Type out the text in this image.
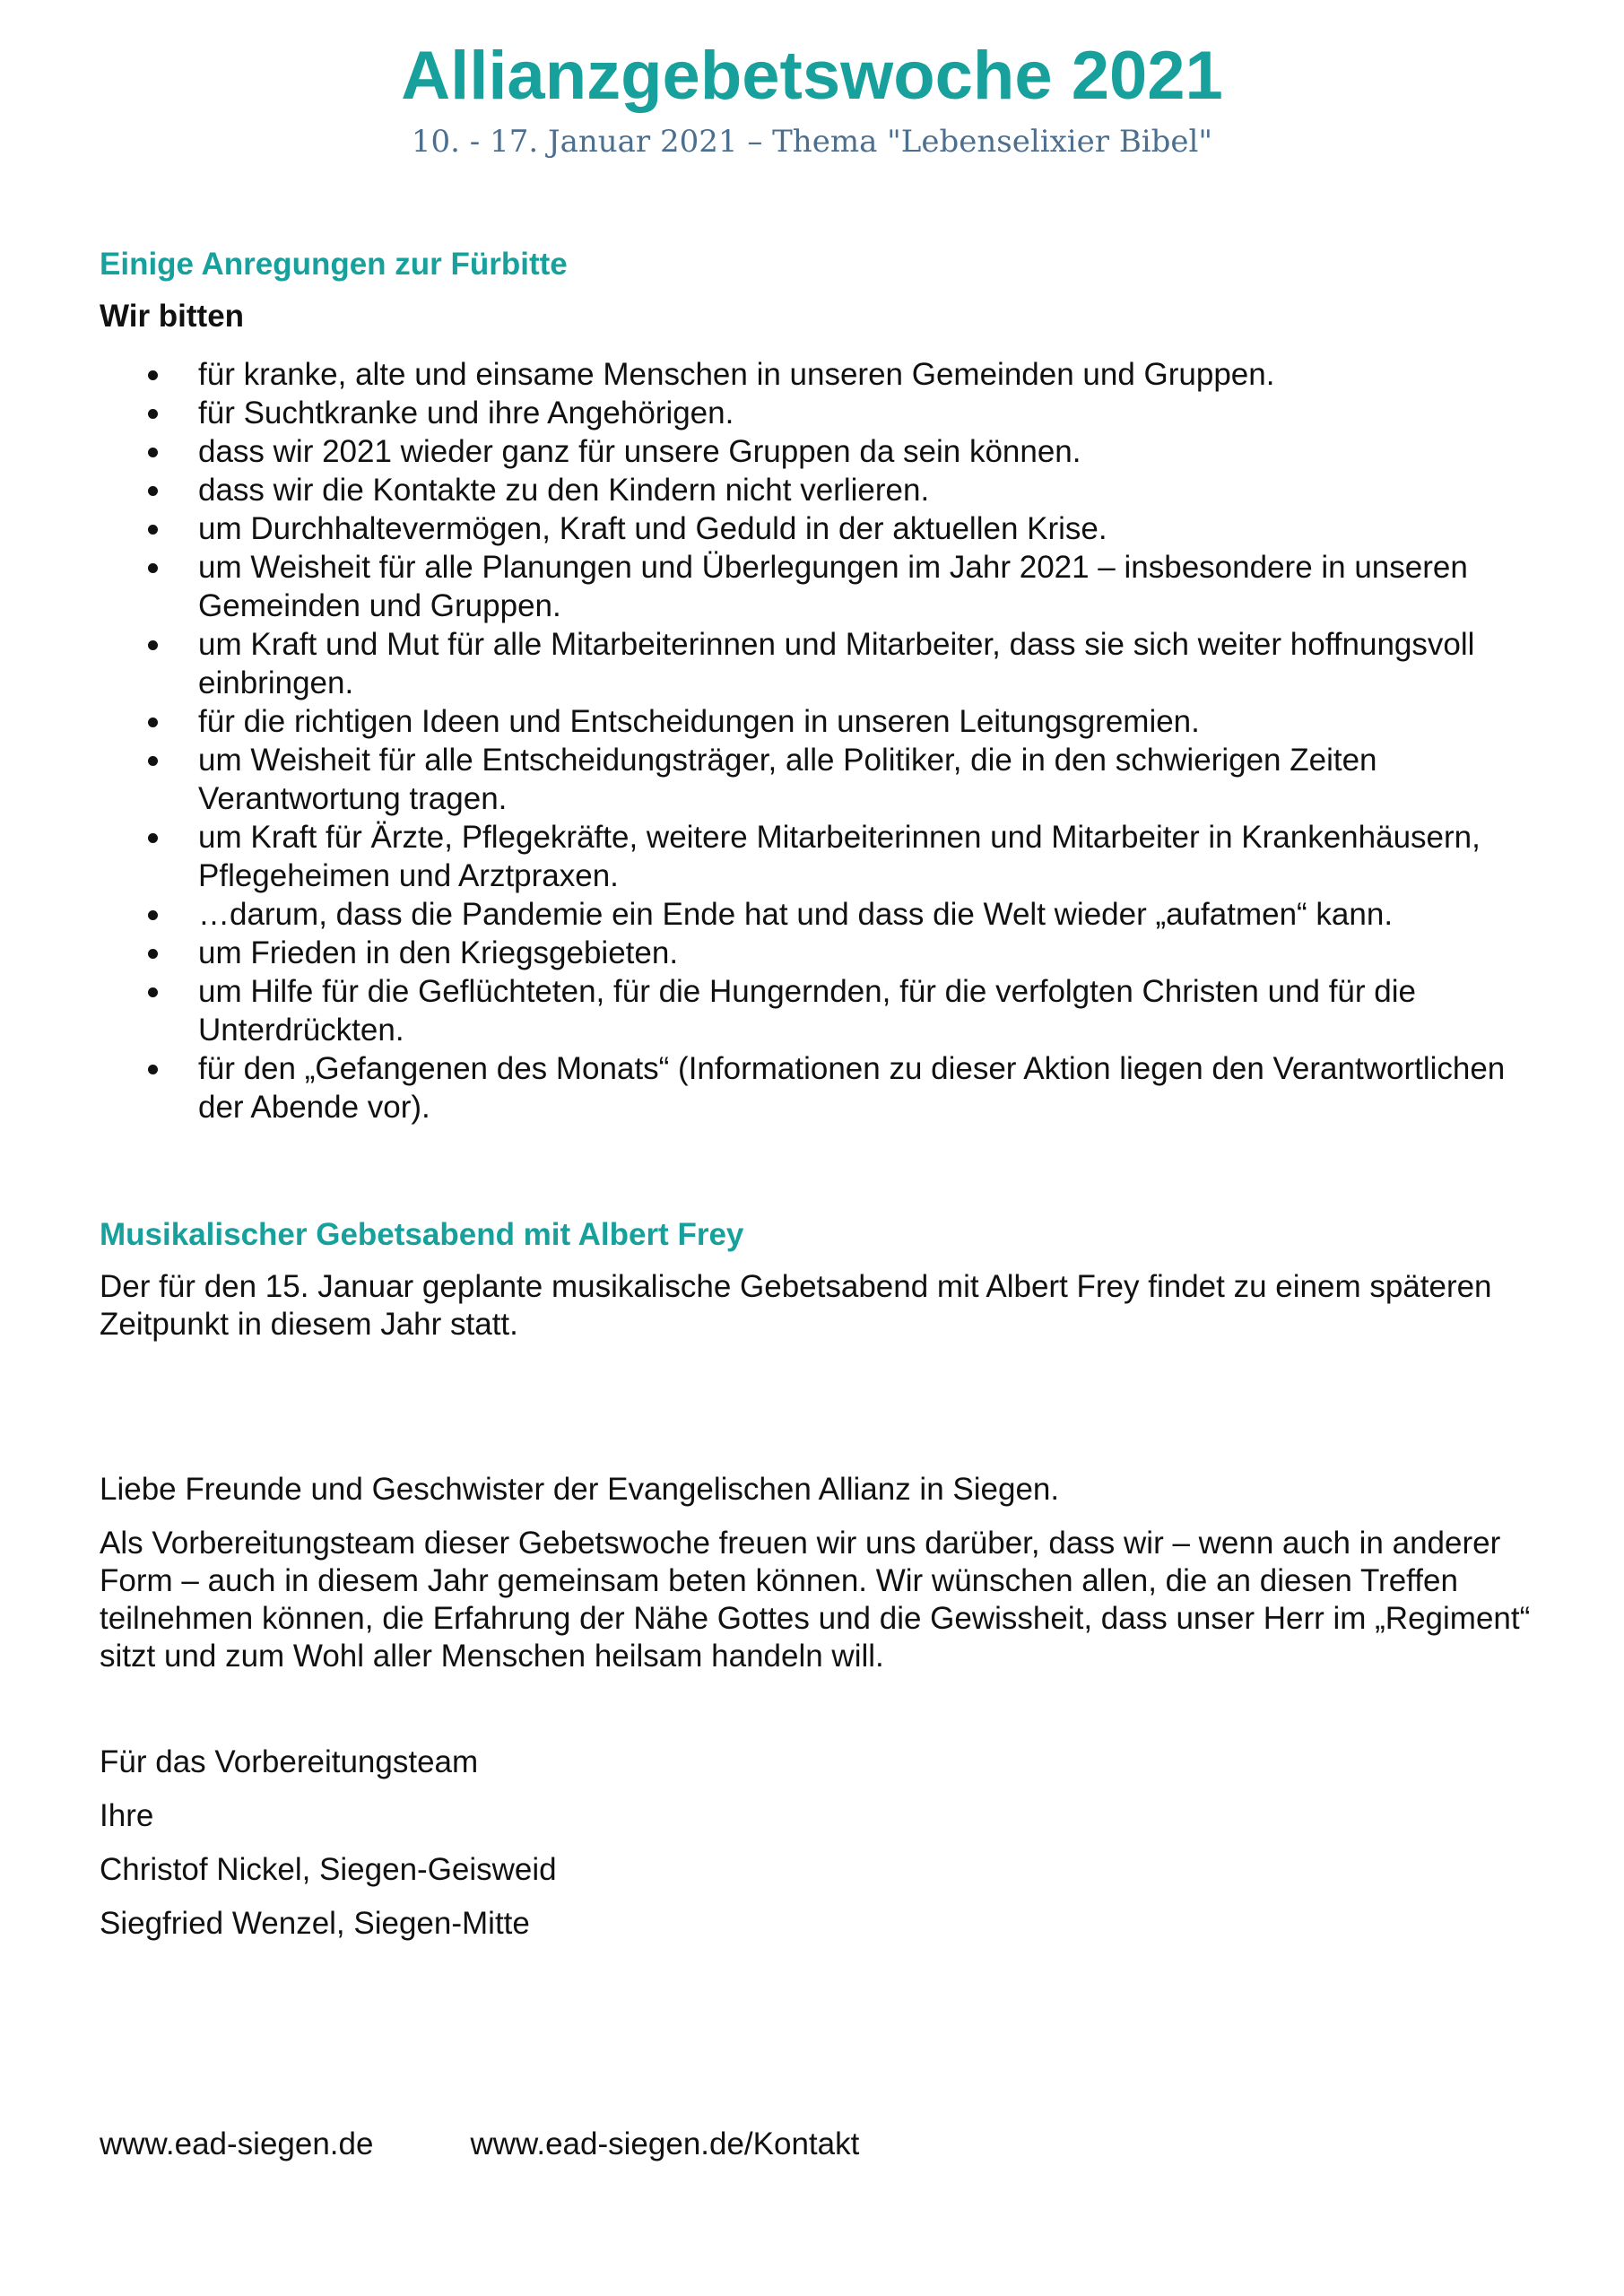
Allianzgebetswoche 2021

10. - 17. Januar 2021 – Thema "Lebenselixier Bibel"

Einige Anregungen zur Fürbitte

Wir bitten

für kranke, alte und einsame Menschen in unseren Gemeinden und Gruppen.
für Suchtkranke und ihre Angehörigen.
dass wir 2021 wieder ganz für unsere Gruppen da sein können.
dass wir die Kontakte zu den Kindern nicht verlieren.
um Durchhaltevermögen, Kraft und Geduld in der aktuellen Krise.
um Weisheit für alle Planungen und Überlegungen im Jahr 2021 – insbesondere in unseren Gemeinden und Gruppen.
um Kraft und Mut für alle Mitarbeiterinnen und Mitarbeiter, dass sie sich weiter hoffnungsvoll einbringen.
für die richtigen Ideen und Entscheidungen in unseren Leitungsgremien.
um Weisheit für alle Entscheidungsträger, alle Politiker, die in den schwierigen Zeiten Verantwortung tragen.
um Kraft für Ärzte, Pflegekräfte, weitere Mitarbeiterinnen und Mitarbeiter in Krankenhäusern, Pflegeheimen und Arztpraxen.
…darum, dass die Pandemie ein Ende hat und dass die Welt wieder „aufatmen“ kann.
um Frieden in den Kriegsgebieten.
um Hilfe für die Geflüchteten, für die Hungernden, für die verfolgten Christen und für die Unterdrückten.
für den „Gefangenen des Monats“ (Informationen zu dieser Aktion liegen den Verantwortlichen der Abende vor).
Musikalischer Gebetsabend mit Albert Frey

Der für den 15. Januar geplante musikalische Gebetsabend mit Albert Frey findet zu einem späteren Zeitpunkt in diesem Jahr statt.

Liebe Freunde und Geschwister der Evangelischen Allianz in Siegen.

Als Vorbereitungsteam dieser Gebetswoche freuen wir uns darüber, dass wir – wenn auch in anderer Form – auch in diesem Jahr gemeinsam beten können. Wir wünschen allen, die an diesen Treffen teilnehmen können, die Erfahrung der Nähe Gottes und die Gewissheit, dass unser Herr im „Regiment“ sitzt und zum Wohl aller Menschen heilsam handeln will.

Für das Vorbereitungsteam

Ihre

Christof Nickel, Siegen-Geisweid

Siegfried Wenzel, Siegen-Mitte

www.ead-siegen.de	www.ead-siegen.de/Kontakt
